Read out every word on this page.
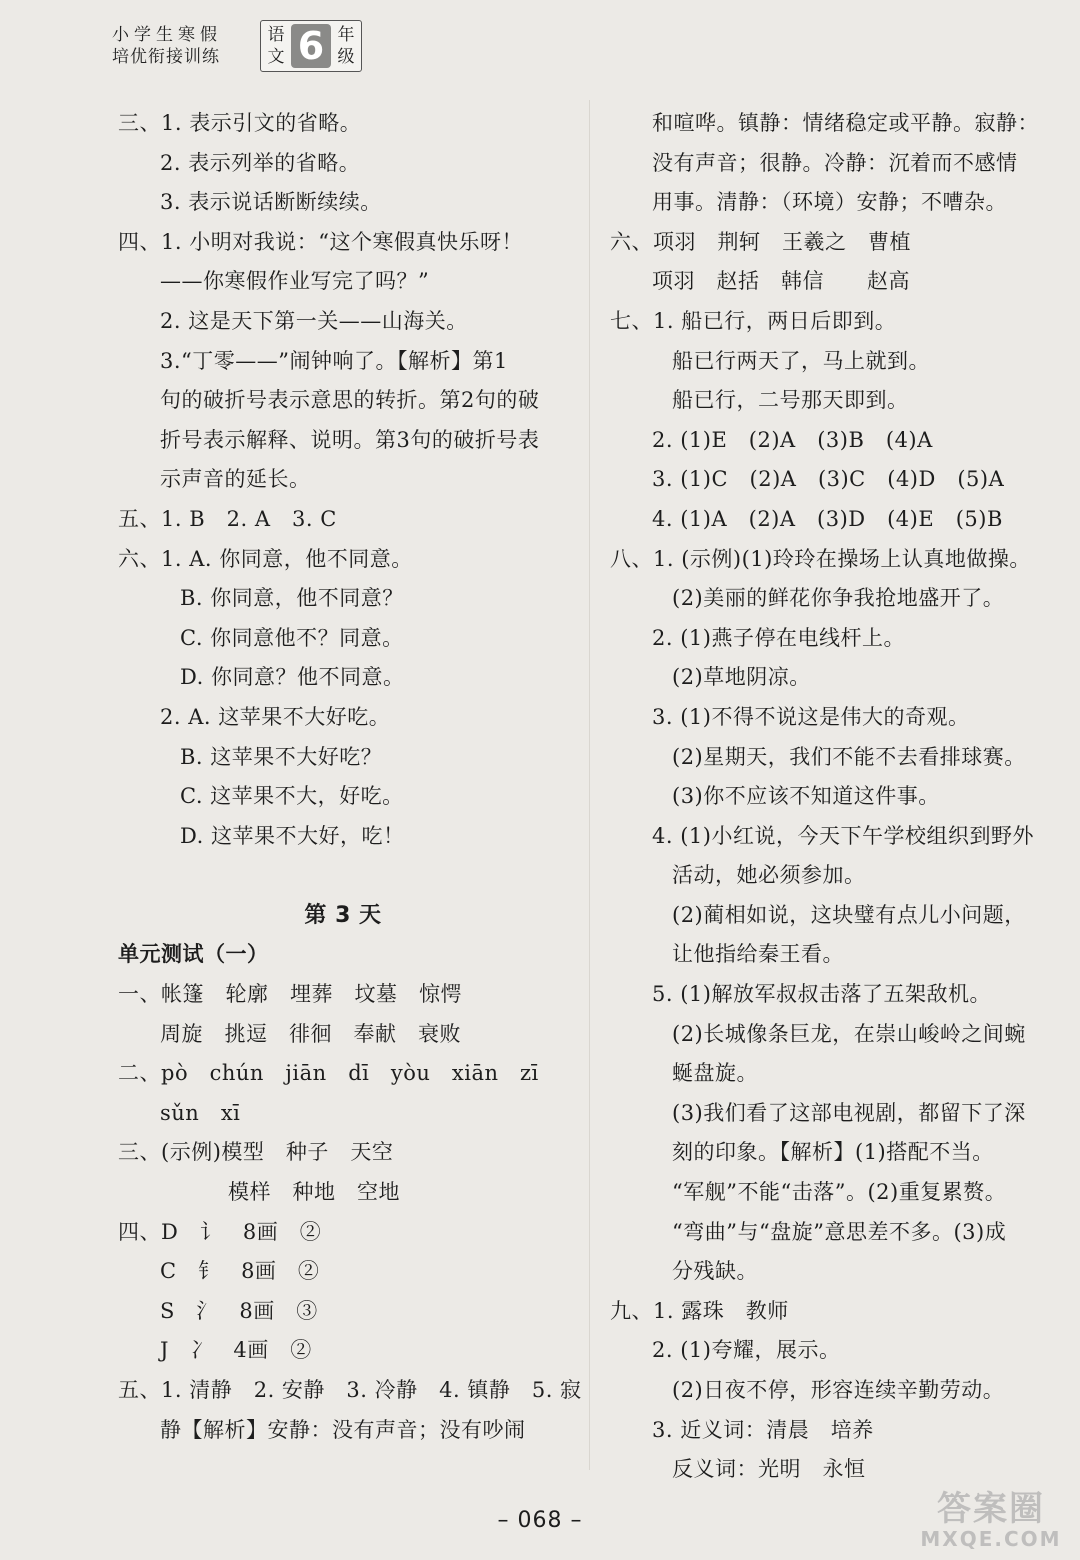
小学生寒假
培优衔接训练
语
文 6 年
级
三、1. 表示引文的省略。
2. 表示列举的省略。
3. 表示说话断断续续。
四、1. 小明对我说：“这个寒假真快乐呀！
——你寒假作业写完了吗？”
2. 这是天下第一关——山海关。
3.“丁零——”闹钟响了。【解析】第1
句的破折号表示意思的转折。第2句的破
折号表示解释、说明。第3句的破折号表
示声音的延长。
五、1. B　2. A　3. C
六、1. A. 你同意，他不同意。
B. 你同意，他不同意？
C. 你同意他不？同意。
D. 你同意？他不同意。
2. A. 这苹果不大好吃。
B. 这苹果不大好吃？
C. 这苹果不大，好吃。
D. 这苹果不大好，吃！
第 3 天
单元测试（一）
一、帐篷　轮廓　埋葬　坟墓　惊愕
周旋　挑逗　徘徊　奉献　衰败
二、pò　chún　jiān　dī　yòu　xiān　zī
sǔn　xī
三、(示例)模型　种子　天空
模样　种地　空地
四、D　讠　8画　②
C　钅　8画　②
S　氵　8画　③
J　冫　4画　②
五、1. 清静　2. 安静　3. 冷静　4. 镇静　5. 寂
静【解析】安静：没有声音；没有吵闹
和喧哗。镇静：情绪稳定或平静。寂静：
没有声音；很静。冷静：沉着而不感情
用事。清静：（环境）安静；不嘈杂。
六、项羽　荆轲　王羲之　曹植
项羽　赵括　韩信　　赵高
七、1. 船已行，两日后即到。
船已行两天了，马上就到。
船已行，二号那天即到。
2. (1)E　(2)A　(3)B　(4)A
3. (1)C　(2)A　(3)C　(4)D　(5)A
4. (1)A　(2)A　(3)D　(4)E　(5)B
八、1. (示例)(1)玲玲在操场上认真地做操。
(2)美丽的鲜花你争我抢地盛开了。
2. (1)燕子停在电线杆上。
(2)草地阴凉。
3. (1)不得不说这是伟大的奇观。
(2)星期天，我们不能不去看排球赛。
(3)你不应该不知道这件事。
4. (1)小红说，今天下午学校组织到野外
活动，她必须参加。
(2)蔺相如说，这块璧有点儿小问题，
让他指给秦王看。
5. (1)解放军叔叔击落了五架敌机。
(2)长城像条巨龙，在崇山峻岭之间蜿
蜒盘旋。
(3)我们看了这部电视剧，都留下了深
刻的印象。【解析】(1)搭配不当。
“军舰”不能“击落”。(2)重复累赘。
“弯曲”与“盘旋”意思差不多。(3)成
分残缺。
九、1. 露珠　教师
2. (1)夸耀，展示。
(2)日夜不停，形容连续辛勤劳动。
3. 近义词：清晨　培养
反义词：光明　永恒
– 068 –	答案圈
MXQE.COM
